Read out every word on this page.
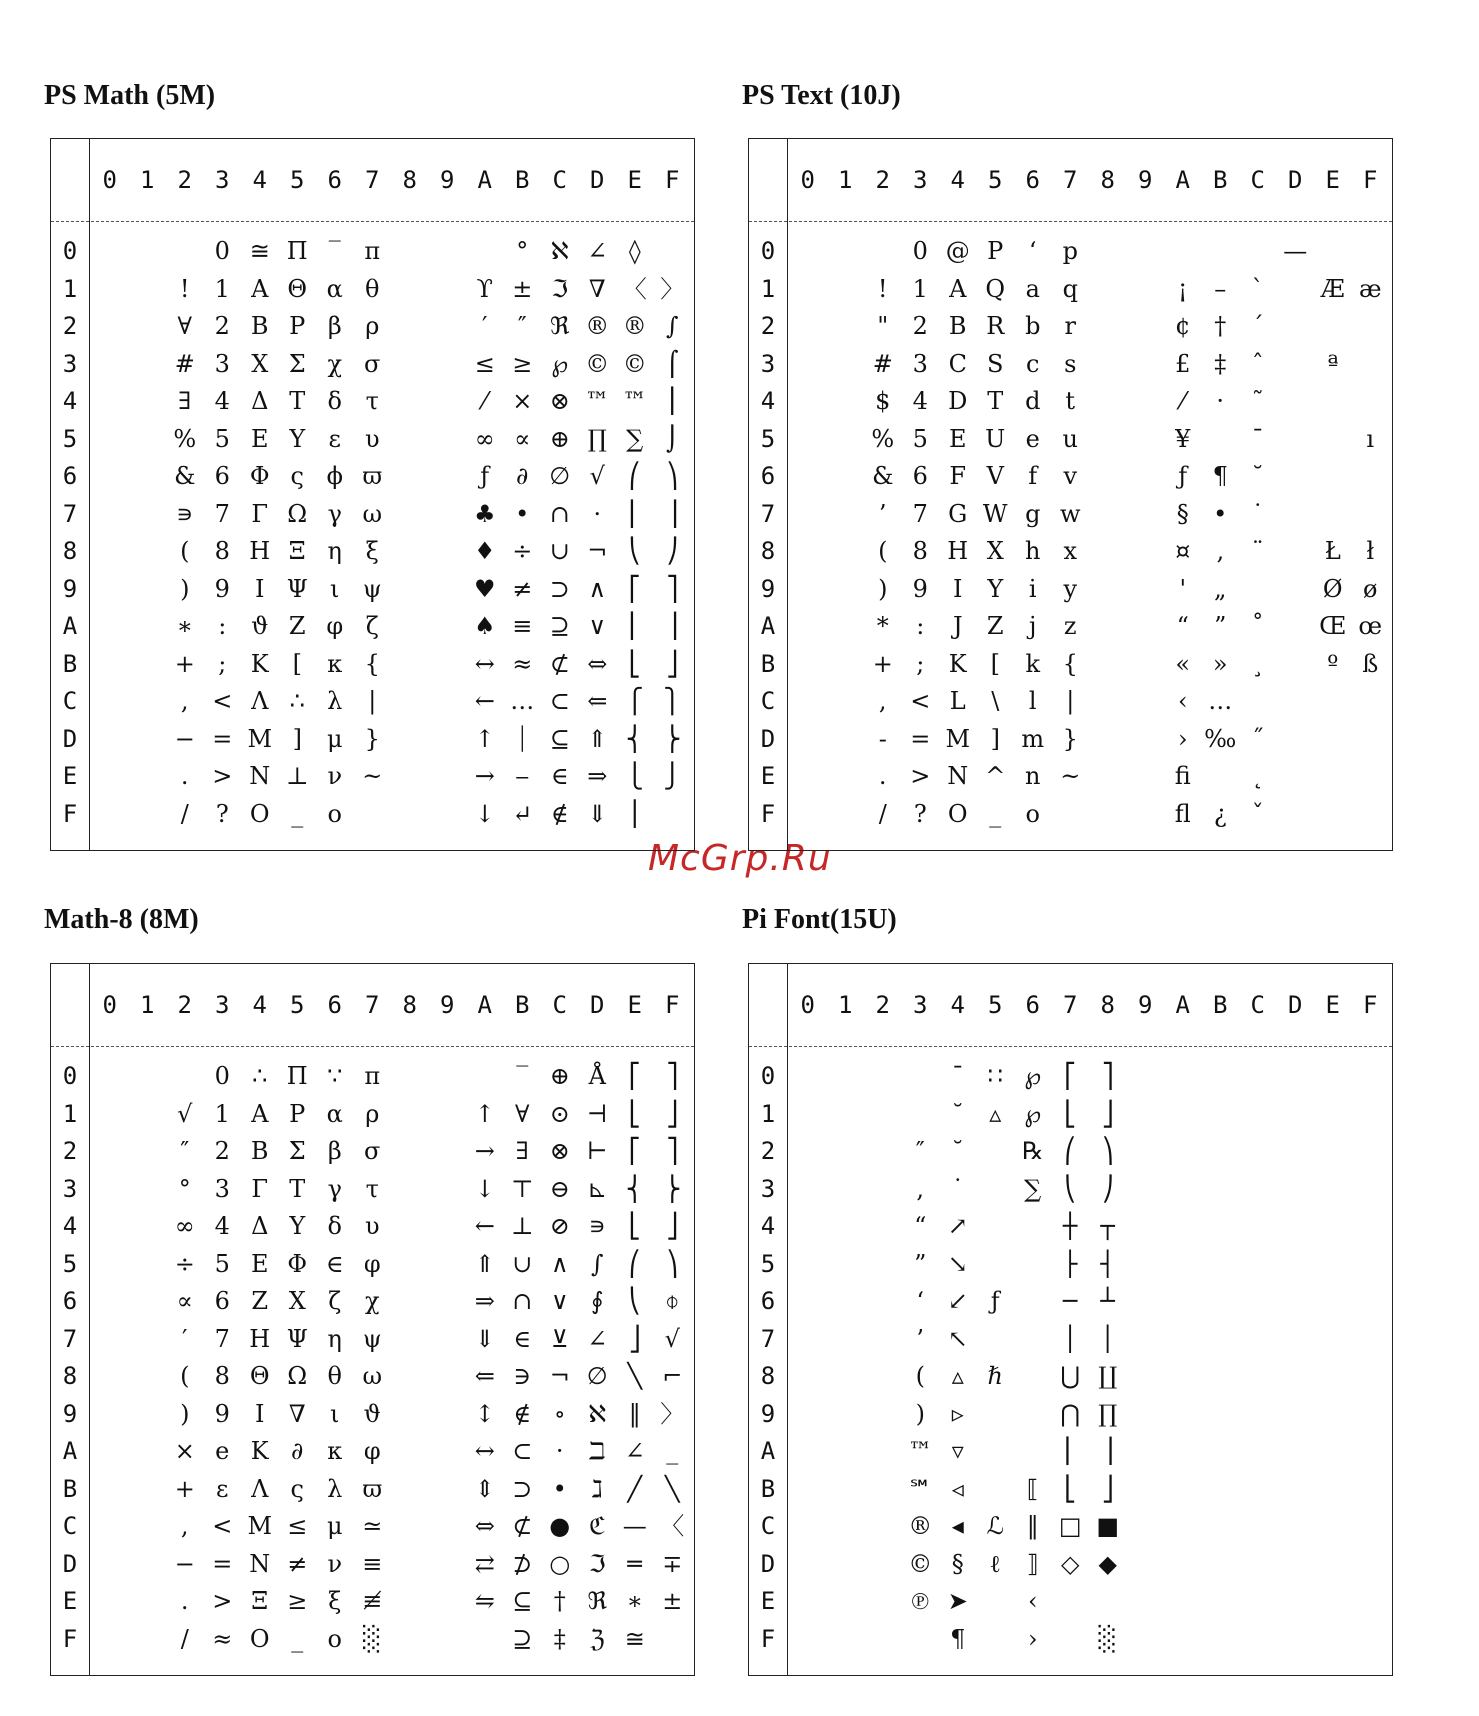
McGrp.Ru
PS Math (5M)
0 1 2 3 4 5 6 7 8 9 A B C D E F
0
1
2
3
4
5
6
7
8
9
A
B
C
D
E
F
!
∀
#
∃
%
&
∍
(
)
∗
+
,
−
.
/
0
1
2
3
4
5
6
7
8
9
:
;
<
=
>
?
≅
Α
Β
Χ
Δ
Ε
Φ
Γ
Η
Ι
ϑ
Κ
Λ
Μ
Ν
Ο
Π
Θ
Ρ
Σ
Τ
Υ
ς
Ω
Ξ
Ψ
Ζ
[
∴
]
⊥
_
‾
α
β
χ
δ
ε
ϕ
γ
η
ι
φ
κ
λ
μ
ν
ο
π
θ
ρ
σ
τ
υ
ϖ
ω
ξ
ψ
ζ
{
|
}
~
ϒ
′
≤
⁄
∞
ƒ
♣
♦
♥
♠
↔
←
↑
→
↓
°
±
″
≥
×
∝
∂
•
÷
≠
≡
≈
…
⏐
⎯
↵
ℵ
ℑ
ℜ
℘
⊗
⊕
∅
∩
∪
⊃
⊇
⊄
⊂
⊆
∈
∉
∠
∇
®
©
™
∏
√
⋅
¬
∧
∨
⇔
⇐
⇑
⇒
⇓
◊
〈
®
©
™
∑
⎛
⎜
⎝
⎡
⎢
⎣
⎧
⎨
⎩
⎪
〉
∫
⌠
⎮
⌡
⎞
⎟
⎠
⎤
⎥
⎦
⎫
⎬
⎭
PS Text (10J)
0 1 2 3 4 5 6 7 8 9 A B C D E F
0
1
2
3
4
5
6
7
8
9
A
B
C
D
E
F
!
"
#
$
%
&
’
(
)
*
+
,
-
.
/
0
1
2
3
4
5
6
7
8
9
:
;
<
=
>
?
@
A
B
C
D
E
F
G
H
I
J
K
L
M
N
O
P
Q
R
S
T
U
V
W
X
Y
Z
[
\
]
^
_
‘
a
b
c
d
e
f
g
h
i
j
k
l
m
n
o
p
q
r
s
t
u
v
w
x
y
z
{
|
}
~
¡
¢
£
⁄
¥
ƒ
§
¤
'
“
«
‹
›
fi
fl
–
†
‡
·
¶
•
‚
„
”
»
…
‰
¿
`
´
ˆ
˜
¯
˘
˙
¨
˚
¸
˝
˛
ˇ
—
Æ
ª
Ł
Ø
Œ
º
æ
ı
ł
ø
œ
ß
Math-8 (8M)
0 1 2 3 4 5 6 7 8 9 A B C D E F
0
1
2
3
4
5
6
7
8
9
A
B
C
D
E
F
√
″
°
∞
÷
∝
′
(
)
×
+
,
−
.
/
0
1
2
3
4
5
6
7
8
9
e
ε
<
=
>
≈
∴
Α
Β
Γ
Δ
Ε
Ζ
Η
Θ
Ι
Κ
Λ
Μ
Ν
Ξ
Ο
Π
Ρ
Σ
Τ
Υ
Φ
Χ
Ψ
Ω
∇
∂
ς
≤
≠
≥
_
∵
α
β
γ
δ
∈
ζ
η
θ
ι
κ
λ
μ
ν
ξ
ο
π
ρ
σ
τ
υ
φ
χ
ψ
ω
ϑ
φ
ϖ
≃
≡
≢
░
↑
→
↓
←
⇑
⇒
⇓
⇐
↕
↔
⇕
⇔
⇄
⇋
‾
∀
∃
⊤
⊥
∪
∩
∈
∋
∉
⊂
⊃
⊄
⊅
⊆
⊇
⊕
⊙
⊗
⊖
⊘
∧
∨
⊻
¬
∘
·
•
●
○
†
‡
Å
⊣
⊢
⊾
∍
∫
∮
∠
∅
ℵ
ℶ
ℷ
ℭ
ℑ
ℜ
ℨ
⎡
⎣
⎡
⎨
⎣
⎛
⎝
⎦
╲
‖
∠
╱
—
═
∗
≅
⎤
⎦
⎤
⎬
⎦
⎞
⌽
√
⌐
〉
_
╲
〈
∓
±
Pi Font(15U)
0 1 2 3 4 5 6 7 8 9 A B C D E F
0
1
2
3
4
5
6
7
8
9
A
B
C
D
E
F
″
,
“
”
‘
’
(
)
™
℠
®
©
℗
¯
˘
˘
˙
↗
↘
↙
↖
▵
▹
▿
◃
◂
§
➤
¶
∷
▵
ƒ
ℏ
ℒ
ℓ
℘
℘
℞
∑
⟦
‖
⟧
‹
›
⎡
⎣
⎛
⎝
┼
├
─
│
⋃
⋂
⎢
⎣
□
◇
⎤
⎦
⎞
⎠
┬
┤
┴
│
∐
∏
⎥
⎦
■
◆
░
